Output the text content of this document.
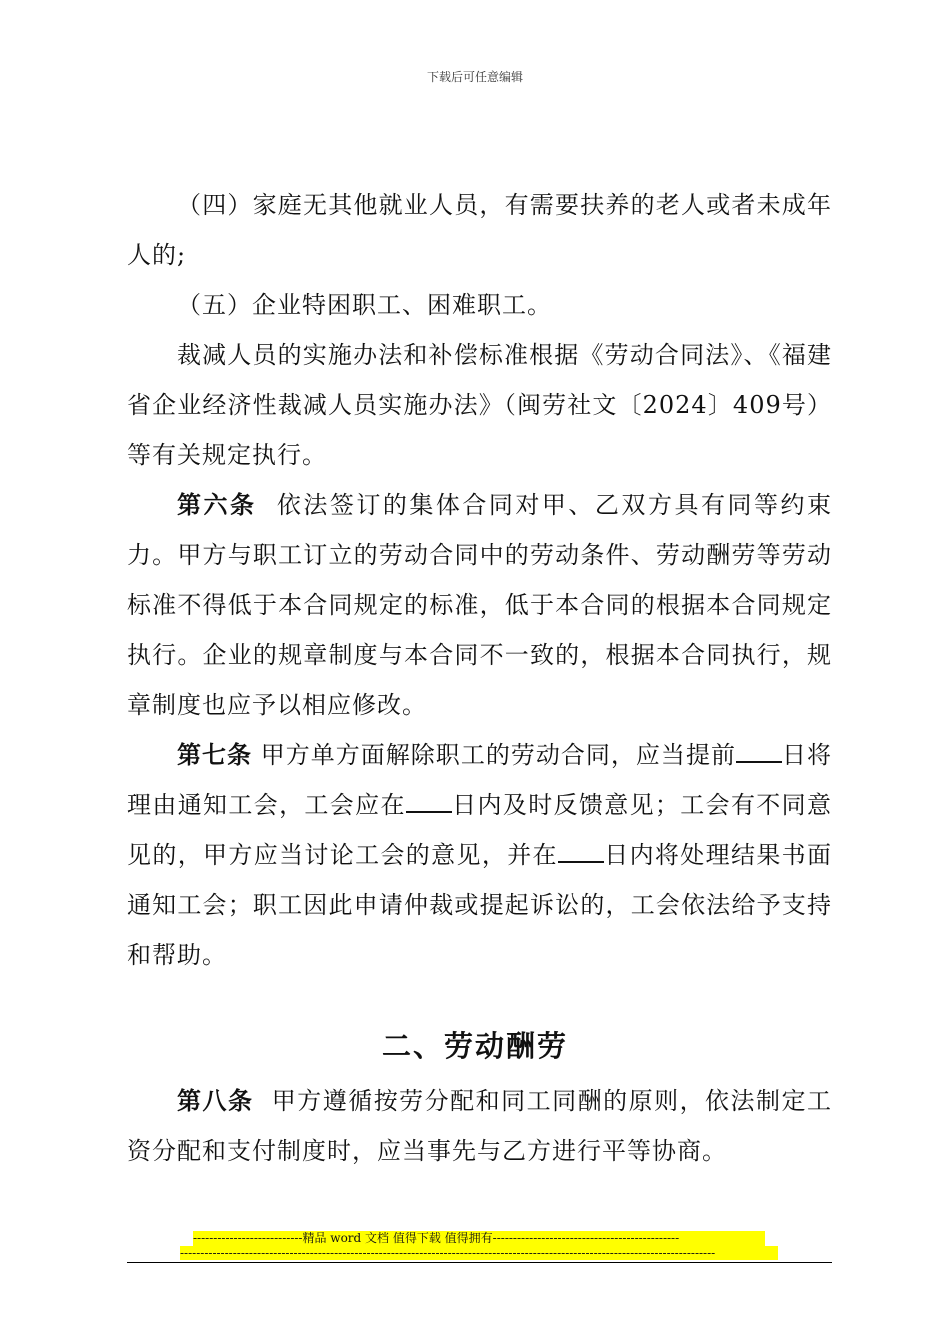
下载后可任意编辑

（四）家庭无其他就业人员，有需要扶养的老人或者未成年人的;

（五）企业特困职工、困难职工。

裁减人员的实施办法和补偿标准根据《劳动合同法》、《福建省企业经济性裁减人员实施办法》（闽劳社文〔2024〕409号）等有关规定执行。

第六条 依法签订的集体合同对甲、乙双方具有同等约束力。甲方与职工订立的劳动合同中的劳动条件、劳动酬劳等劳动标准不得低于本合同规定的标准，低于本合同的根据本合同规定执行。企业的规章制度与本合同不一致的，根据本合同执行，规章制度也应予以相应修改。

第七条 甲方单方面解除职工的劳动合同，应当提前 日将理由通知工会，工会应在 日内及时反馈意见；工会有不同意见的，甲方应当讨论工会的意见，并在 日内将处理结果书面通知工会；职工因此申请仲裁或提起诉讼的，工会依法给予支持和帮助。

二、劳动酬劳

第八条 甲方遵循按劳分配和同工同酬的原则，依法制定工资分配和支付制度时，应当事先与乙方进行平等协商。

---------------------------精品 word 文档 值得下载 值得拥有----------------------------------------------
------------------------------------------------------------------------------------------------------------------------------------
